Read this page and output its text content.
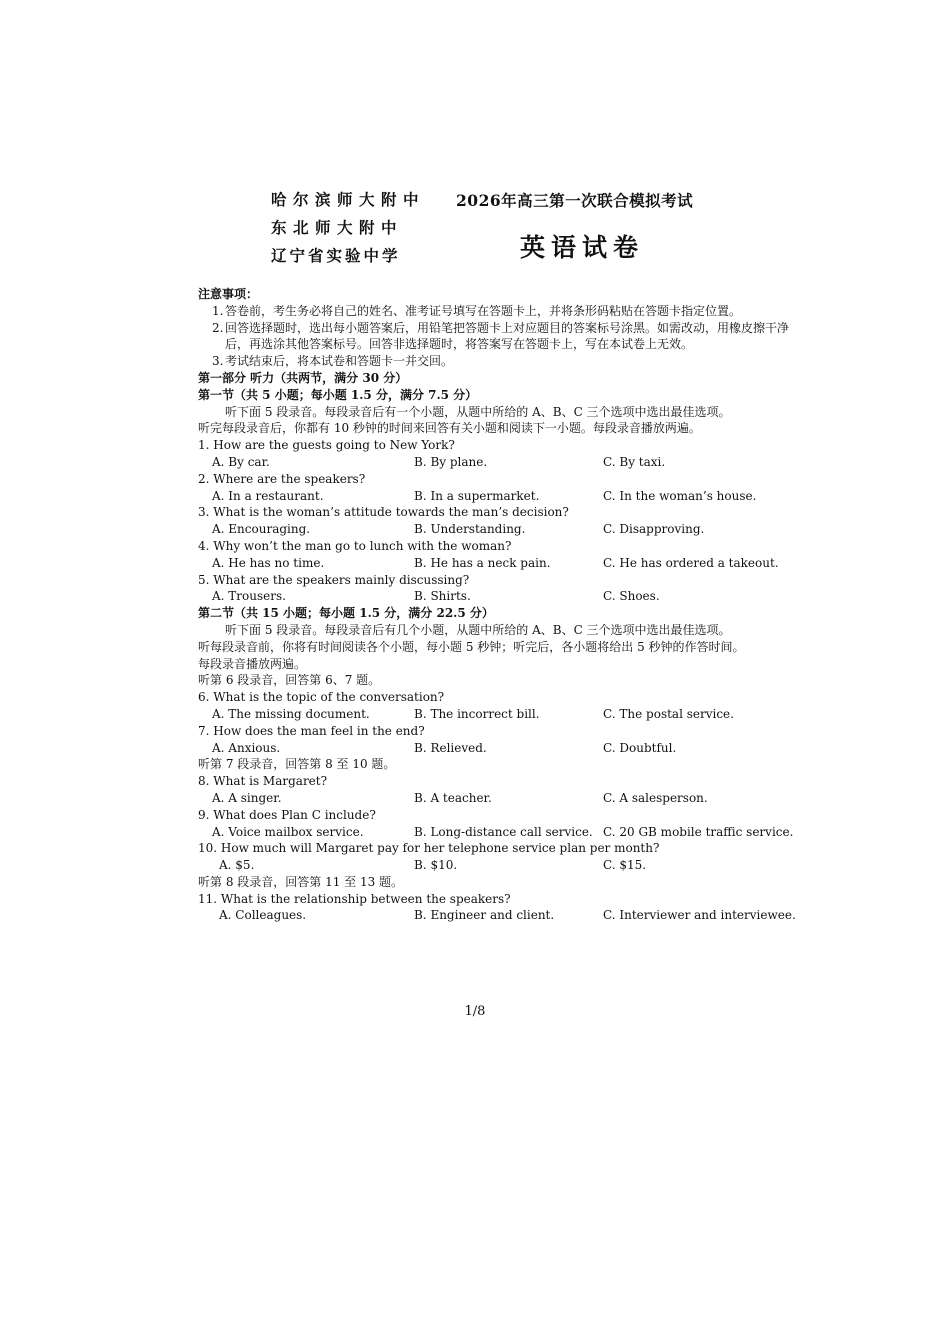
哈尔滨师大附中
东北师大附中
辽宁省实验中学
2026年高三第一次联合模拟考试
英语试卷
注意事项：
1. 答卷前，考生务必将自己的姓名、准考证号填写在答题卡上，并将条形码粘贴在答题卡指定位置。
2. 回答选择题时，选出每小题答案后，用铅笔把答题卡上对应题目的答案标号涂黑。如需改动，用橡皮擦干净后，再选涂其他答案标号。回答非选择题时，将答案写在答题卡上，写在本试卷上无效。
3. 考试结束后，将本试卷和答题卡一并交回。
第一部分 听力（共两节，满分 30 分）
第一节（共 5 小题；每小题 1.5 分，满分 7.5 分）
听下面 5 段录音。每段录音后有一个小题，从题中所给的 A、B、C 三个选项中选出最佳选项。
听完每段录音后，你都有 10 秒钟的时间来回答有关小题和阅读下一小题。每段录音播放两遍。
1. How are the guests going to New York?
A. By car.	B. By plane.	C. By taxi.
2. Where are the speakers?
A. In a restaurant.	B. In a supermarket.	C. In the woman’s house.
3. What is the woman’s attitude towards the man’s decision?
A. Encouraging.	B. Understanding.	C. Disapproving.
4. Why won’t the man go to lunch with the woman?
A. He has no time.	B. He has a neck pain.	C. He has ordered a takeout.
5. What are the speakers mainly discussing?
A. Trousers.	B. Shirts.	C. Shoes.
第二节（共 15 小题；每小题 1.5 分，满分 22.5 分）
听下面 5 段录音。每段录音后有几个小题，从题中所给的 A、B、C 三个选项中选出最佳选项。
听每段录音前，你将有时间阅读各个小题，每小题 5 秒钟；听完后，各小题将给出 5 秒钟的作答时间。
每段录音播放两遍。
听第 6 段录音，回答第 6、7 题。
6. What is the topic of the conversation?
A. The missing document.	B. The incorrect bill.	C. The postal service.
7. How does the man feel in the end?
A. Anxious.	B. Relieved.	C. Doubtful.
听第 7 段录音，回答第 8 至 10 题。
8. What is Margaret?
A. A singer.	B. A teacher.	C. A salesperson.
9. What does Plan C include?
A. Voice mailbox service.	B. Long-distance call service. C. 20 GB mobile traffic service.
10. How much will Margaret pay for her telephone service plan per month?
A. $5.	B. $10.	C. $15.
听第 8 段录音，回答第 11 至 13 题。
11. What is the relationship between the speakers?
A. Colleagues.	B. Engineer and client.	C. Interviewer and interviewee.
1/8
